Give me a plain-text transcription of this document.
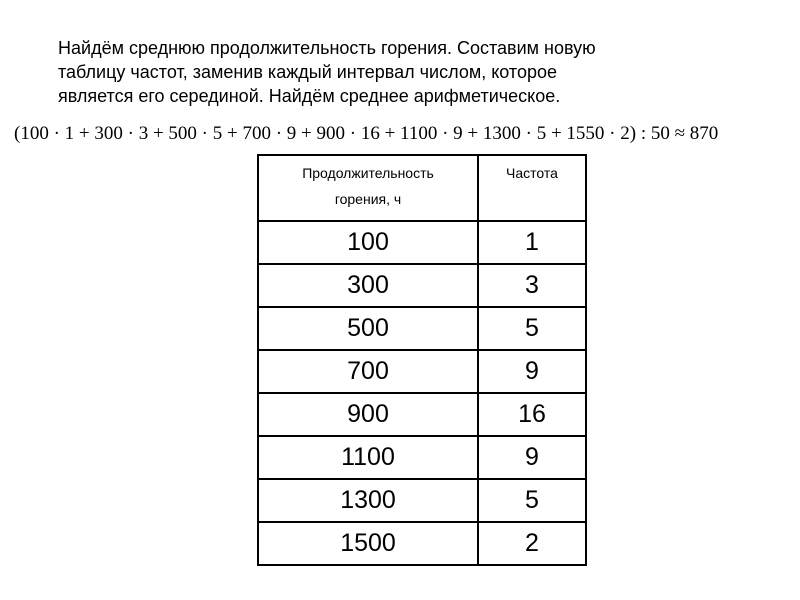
Найдём среднюю продолжительность горения. Составим новую
таблицу частот, заменив каждый интервал числом, которое
является его серединой. Найдём среднее арифметическое.

(100 · 1 + 300 · 3 + 500 · 5 + 700 · 9 + 900 · 16 + 1100 · 9 + 1300 · 5 + 1550 · 2) : 50 ≈ 870

Продолжительность
горения, ч	Частота
100	1
300	3
500	5
700	9
900	16
1100	9
1300	5
1500	2
